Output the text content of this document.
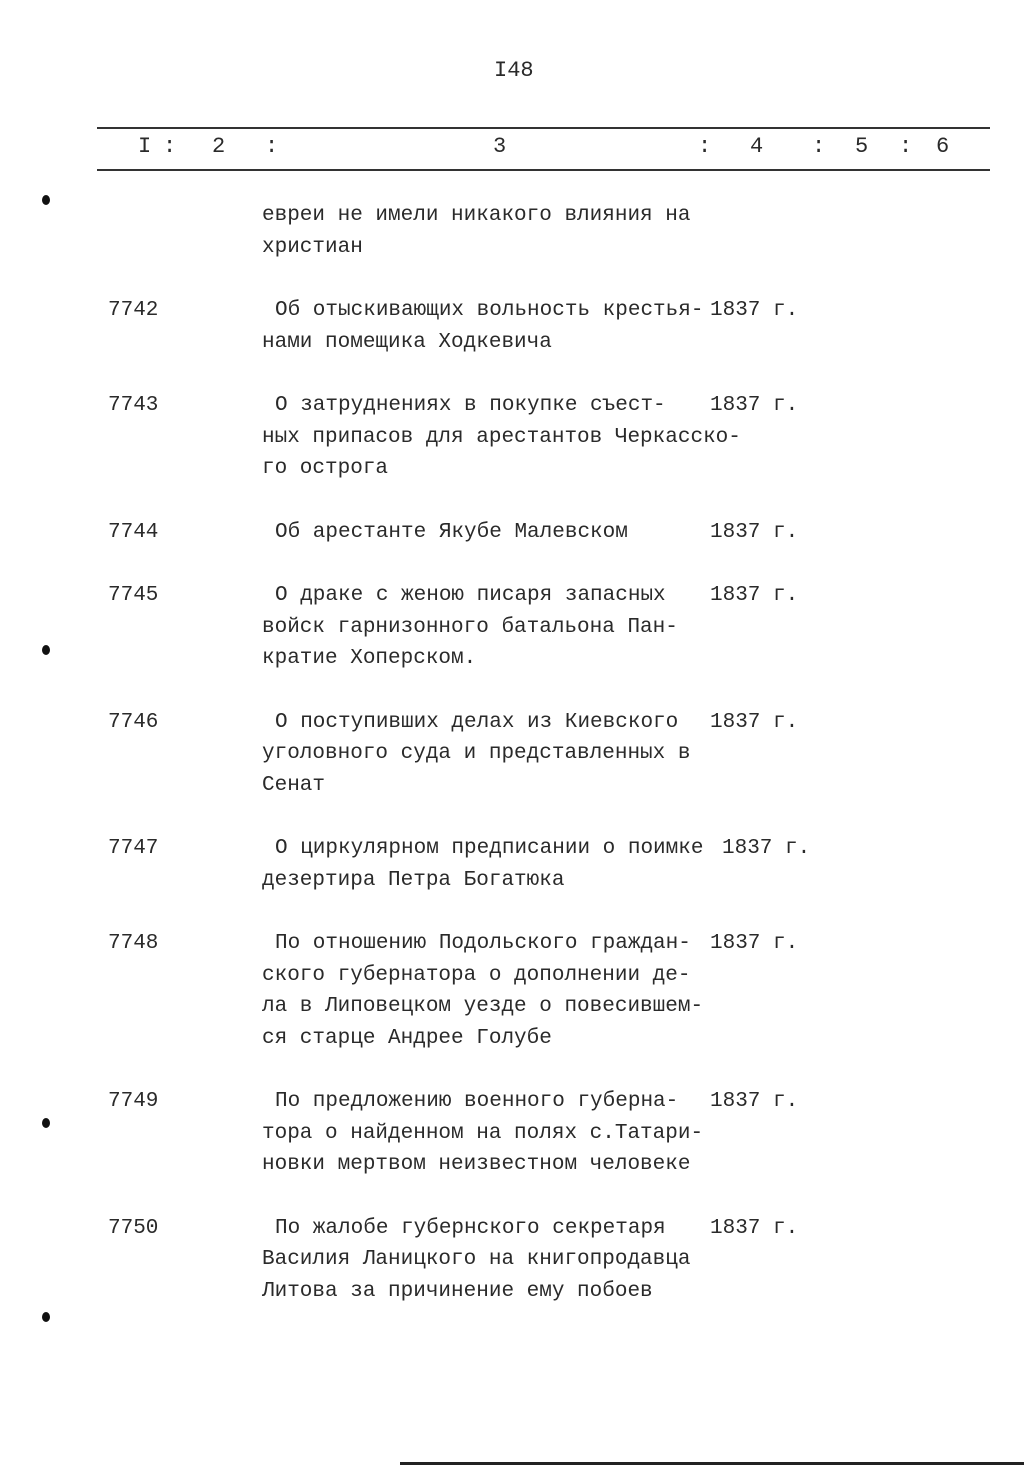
I48
I : 2 :	3	: 4 : 5 : 6
евреи не имели никакого влияния на
христиан
7742	Об отыскивающих вольность крестья-
нами помещика Ходкевича
1837 г.
7743	О затруднениях в покупке съест-
ных припасов для арестантов Черкасско-
го острога
1837 г.
7744	Об арестанте Якубе Малевском	1837 г.
7745	О драке с женою писаря запасных
войск гарнизонного батальона Пан-
кратие Хоперском.
1837 г.
7746	О поступивших делах из Киевского
уголовного суда и представленных в
Сенат
1837 г.
7747	О циркулярном предписании о поимке
дезертира Петра Богатюка
1837 г.
7748	По отношению Подольского граждан-
ского губернатора о дополнении де-
ла в Липовецком уезде о повесившем-
ся старце Андрее Голубе
1837 г.
7749	По предложению военного губерна-
тора о найденном на полях с.Татари-
новки мертвом неизвестном человеке
1837 г.
7750	По жалобе губернского секретаря
Василия Ланицкого на книгопродавца
Литова за причинение ему побоев
1837 г.
